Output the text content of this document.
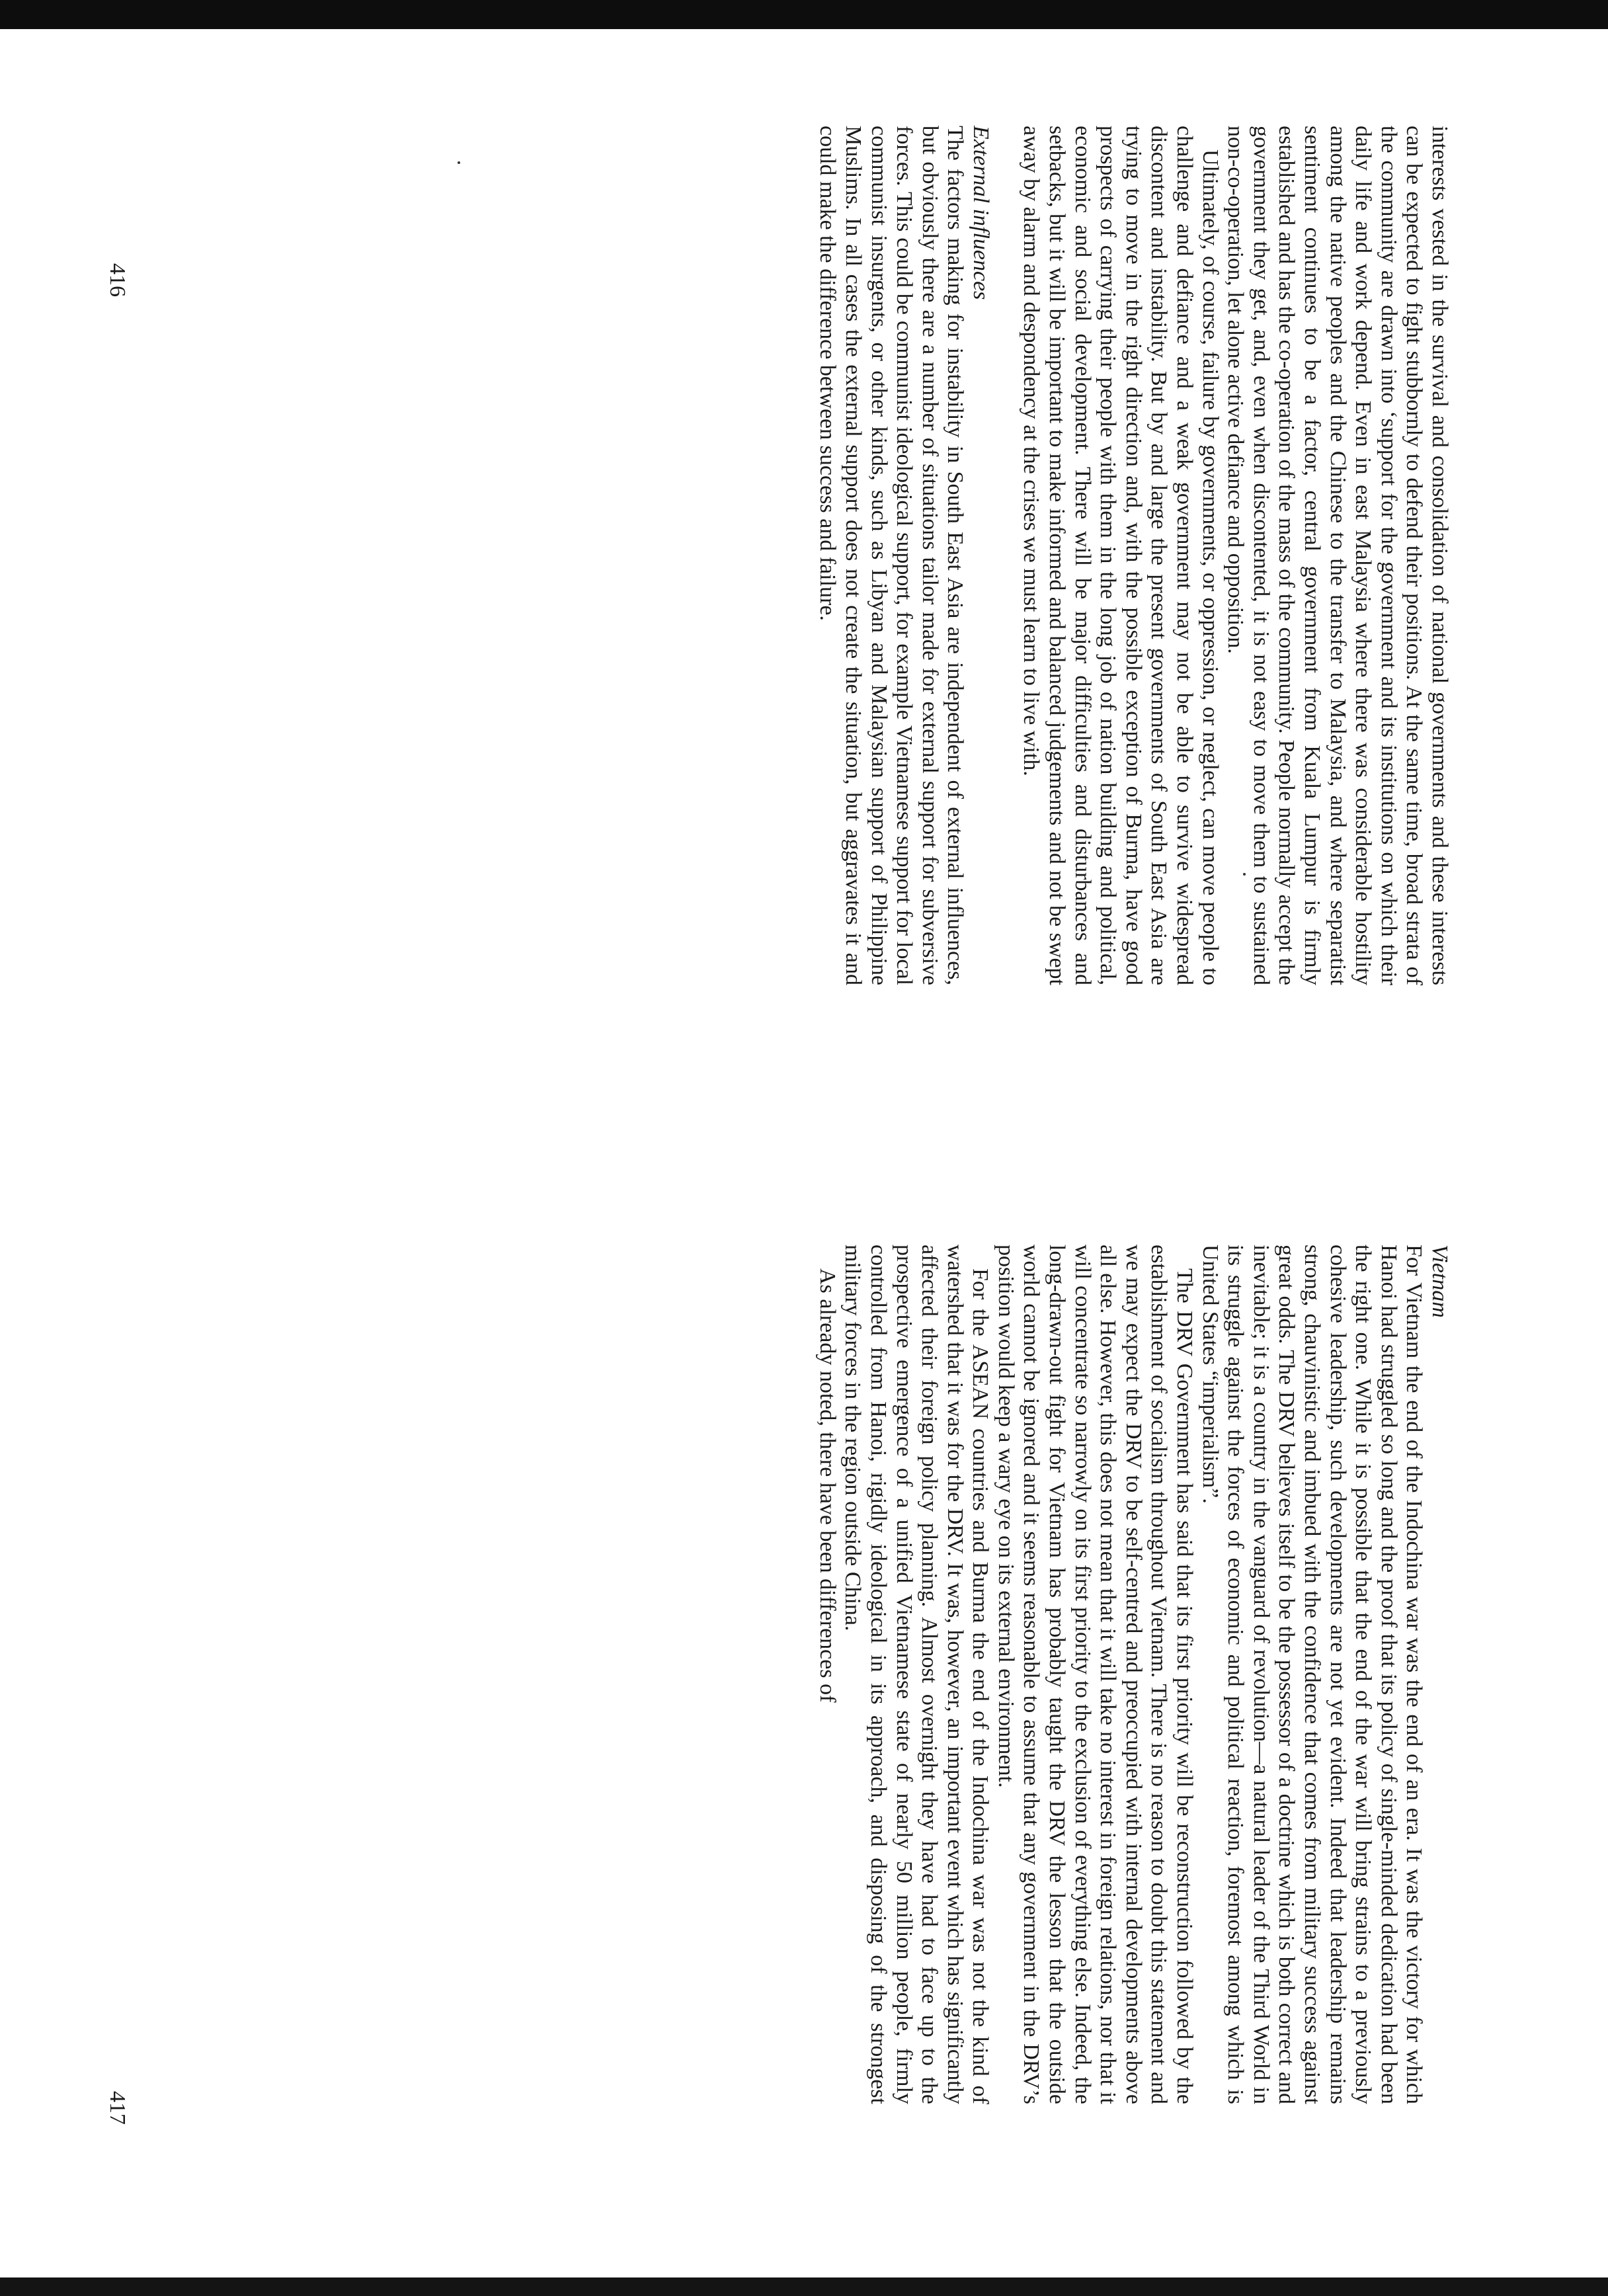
Vietnam

For Vietnam the end of the Indochina war was the end of an era. It was the victory for which Hanoi had struggled so long and the proof that its policy of single-minded dedication had been the right one. While it is possible that the end of the war will bring strains to a previously cohesive leadership, such developments are not yet evident. Indeed that leadership remains strong, chauvinistic and imbued with the confidence that comes from military success against great odds. The DRV believes itself to be the possessor of a doctrine which is both correct and inevitable; it is a country in the vanguard of revolution—a natural leader of the Third World in its struggle against the forces of economic and political reaction, foremost among which is United States “imperialism”.

The DRV Government has said that its first priority will be reconstruction followed by the establishment of socialism throughout Vietnam. There is no reason to doubt this statement and we may expect the DRV to be self-centred and preoccupied with internal developments above all else. However, this does not mean that it will take no interest in foreign relations, nor that it will concentrate so narrowly on its first priority to the exclusion of everything else. Indeed, the long-drawn-out fight for Vietnam has probably taught the DRV the lesson that the outside world cannot be ignored and it seems reasonable to assume that any government in the DRV’s position would keep a wary eye on its external environment.

For the ASEAN countries and Burma the end of the Indochina war was not the kind of watershed that it was for the DRV. It was, however, an important event which has significantly affected their foreign policy planning. Almost overnight they have had to face up to the prospective emergence of a unified Vietnamese state of nearly 50 million people, firmly controlled from Hanoi, rigidly ideological in its approach, and disposing of the strongest military forces in the region outside China.

As already noted, there have been differences of

interests vested in the survival and consolidation of national governments and these interests can be expected to fight stubbornly to defend their positions. At the same time, broad strata of the community are drawn into ‘support for the government and its institutions on which their daily life and work depend. Even in east Malaysia where there was considerable hostility among the native peoples and the Chinese to the transfer to Malaysia, and where separatist sentiment continues to be a factor, central government from Kuala Lumpur is firmly established and has the co-operation of the mass of the community. People normally accept the government they get, and, even when discontented, it is not easy to move them to sustained non-co-operation, let alone active defiance and opposition.

Ultimately, of course, failure by governments, or oppression, or neglect, can move people to challenge and defiance and a weak government may not be able to survive widespread discontent and instability. But by and large the present governments of South East Asia are trying to move in the right direction and, with the possible exception of Burma, have good prospects of carrying their people with them in the long job of nation building and political, economic and social development. There will be major difficulties and disturbances and setbacks, but it will be important to make informed and balanced judgements and not be swept away by alarm and despondency at the crises we must learn to live with.

External influences

The factors making for instability in South East Asia are independent of external influences, but obviously there are a number of situations tailor made for external support for subversive forces. This could be communist ideological support, for example Vietnamese support for local communist insurgents, or other kinds, such as Libyan and Malaysian support of Philippine Muslims. In all cases the external support does not create the situation, but aggravates it and could make the difference between success and failure.

416
417
